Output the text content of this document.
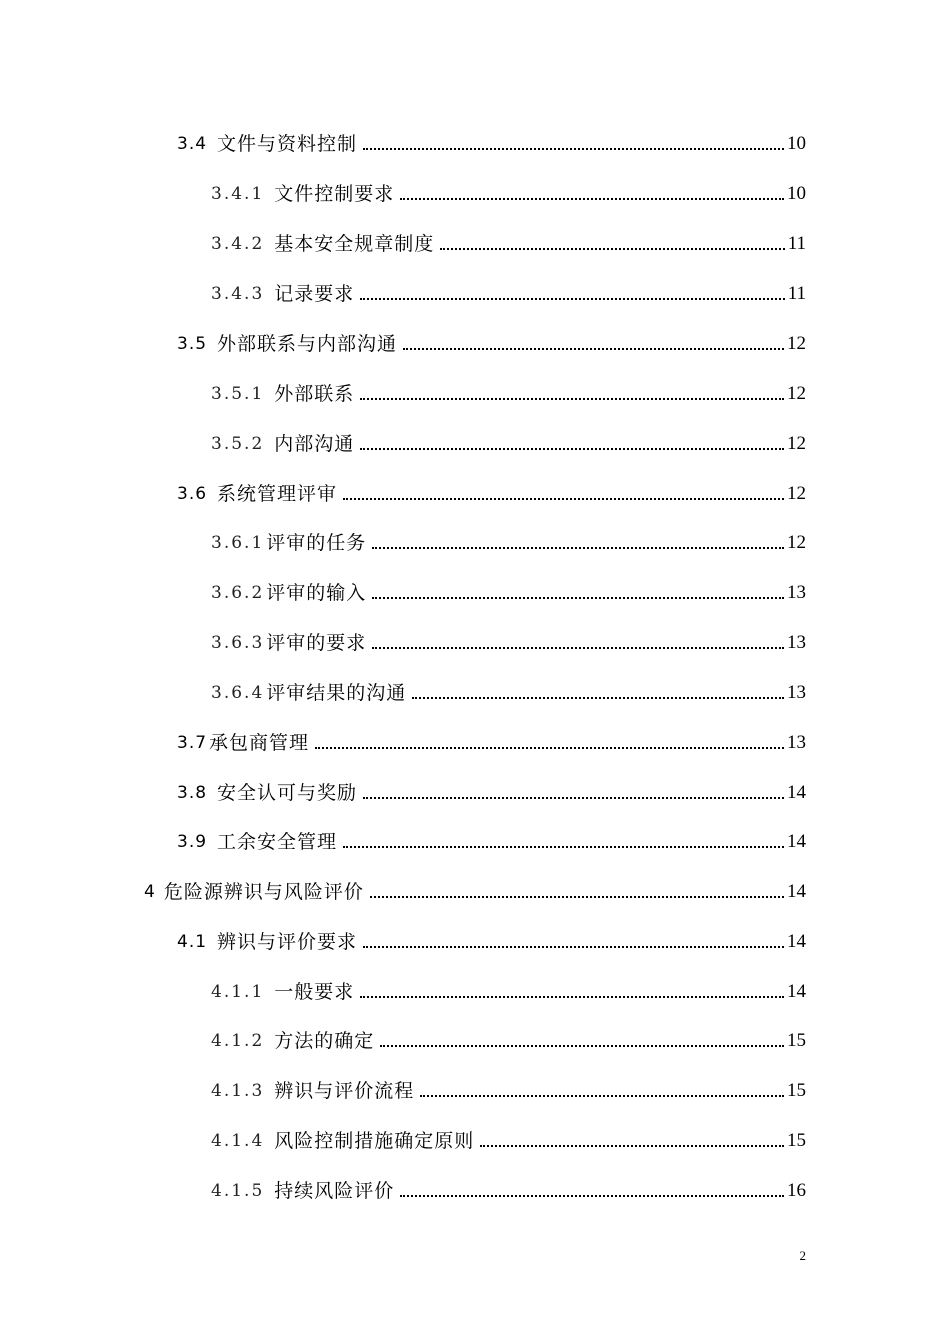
3.4 文件与资料控制	10
3.4.1 文件控制要求	10
3.4.2 基本安全规章制度	11
3.4.3 记录要求	11
3.5 外部联系与内部沟通	12
3.5.1 外部联系	12
3.5.2 内部沟通	12
3.6 系统管理评审	12
3.6.1 评审的任务	12
3.6.2 评审的输入	13
3.6.3 评审的要求	13
3.6.4 评审结果的沟通	13
3.7 承包商管理	13
3.8 安全认可与奖励	14
3.9 工余安全管理	14
4 危险源辨识与风险评价	14
4.1 辨识与评价要求	14
4.1.1 一般要求	14
4.1.2 方法的确定	15
4.1.3 辨识与评价流程	15
4.1.4 风险控制措施确定原则	15
4.1.5 持续风险评价	16
2
